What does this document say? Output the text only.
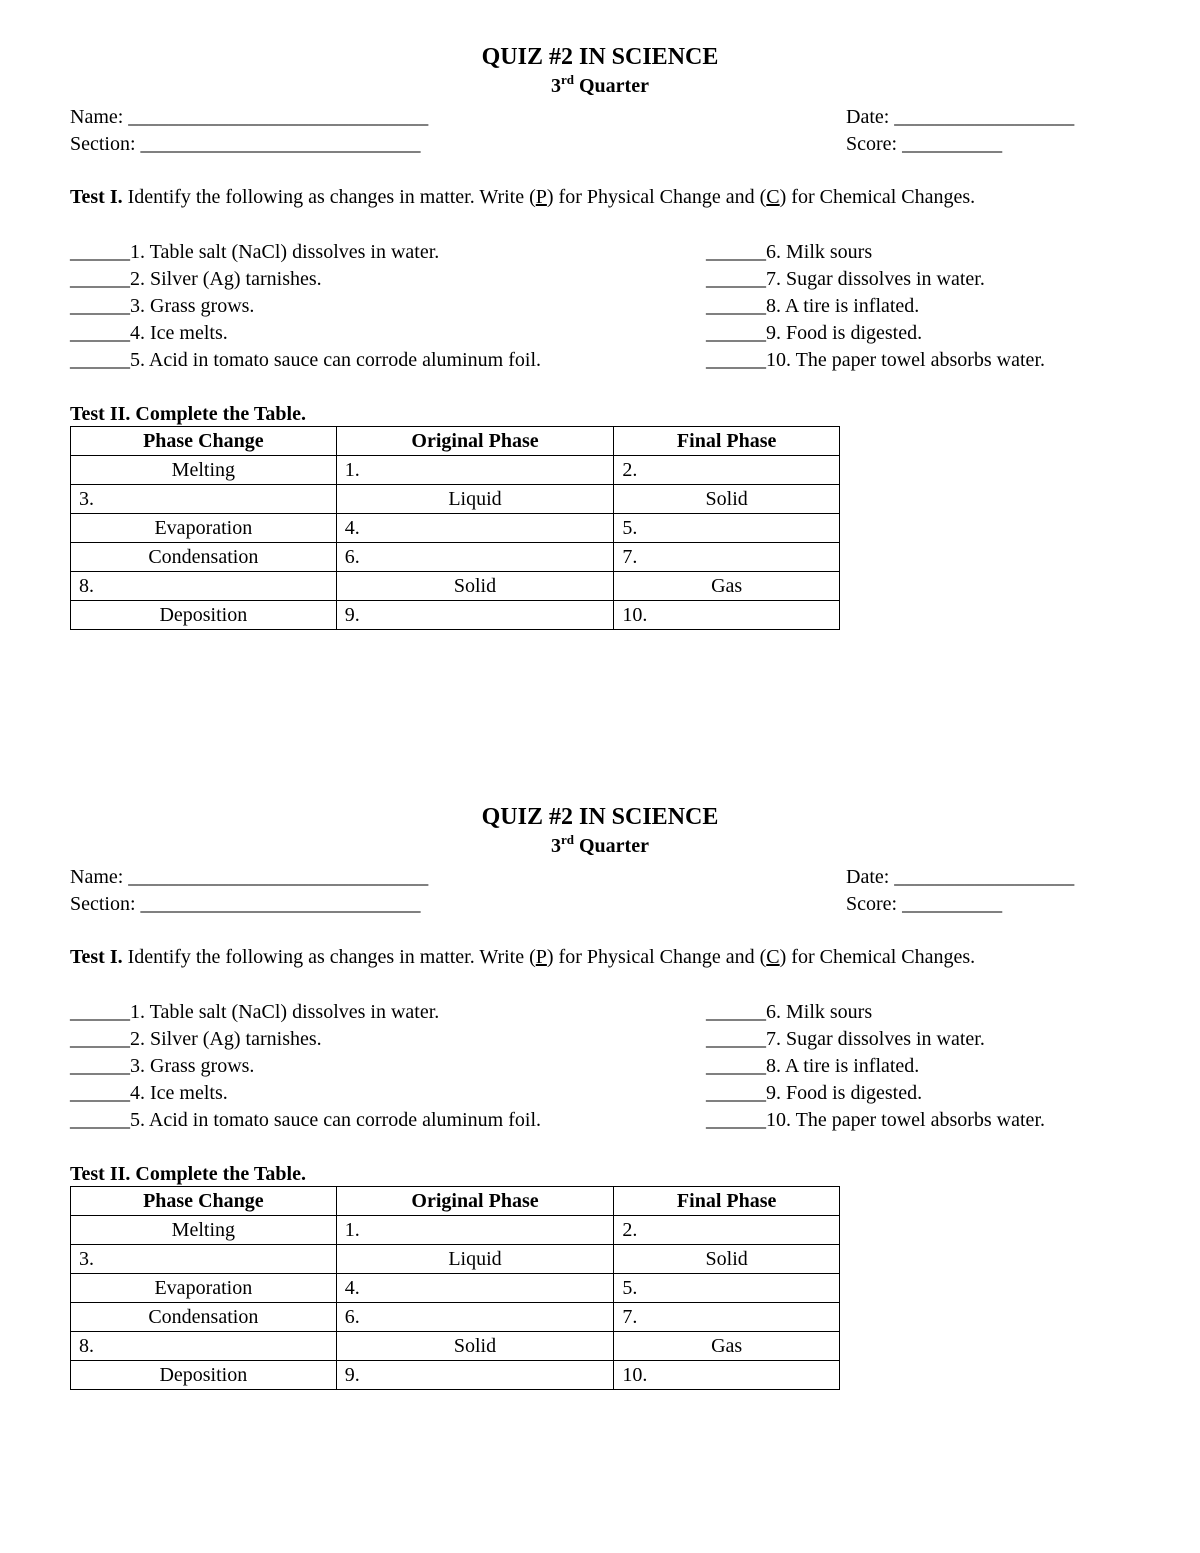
QUIZ #2 IN SCIENCE
3rd Quarter
Name: ______________________________
Section: ____________________________
Date: __________________
Score: __________
Test I. Identify the following as changes in matter. Write (P) for Physical Change and (C) for Chemical Changes.
______1. Table salt (NaCl) dissolves in water.
______2. Silver (Ag) tarnishes.
______3. Grass grows.
______4. Ice melts.
______5. Acid in tomato sauce can corrode aluminum foil.
______6. Milk sours
______7. Sugar dissolves in water.
______8. A tire is inflated.
______9. Food is digested.
______10. The paper towel absorbs water.
Test II. Complete the Table.
Phase Change	Original Phase	Final Phase
Melting	1.	2.
3.	Liquid	Solid
Evaporation	4.	5.
Condensation	6.	7.
8.	Solid	Gas
Deposition	9.	10.
QUIZ #2 IN SCIENCE
3rd Quarter
Name: ______________________________
Section: ____________________________
Date: __________________
Score: __________
Test I. Identify the following as changes in matter. Write (P) for Physical Change and (C) for Chemical Changes.
______1. Table salt (NaCl) dissolves in water.
______2. Silver (Ag) tarnishes.
______3. Grass grows.
______4. Ice melts.
______5. Acid in tomato sauce can corrode aluminum foil.
______6. Milk sours
______7. Sugar dissolves in water.
______8. A tire is inflated.
______9. Food is digested.
______10. The paper towel absorbs water.
Test II. Complete the Table.
Phase Change	Original Phase	Final Phase
Melting	1.	2.
3.	Liquid	Solid
Evaporation	4.	5.
Condensation	6.	7.
8.	Solid	Gas
Deposition	9.	10.
